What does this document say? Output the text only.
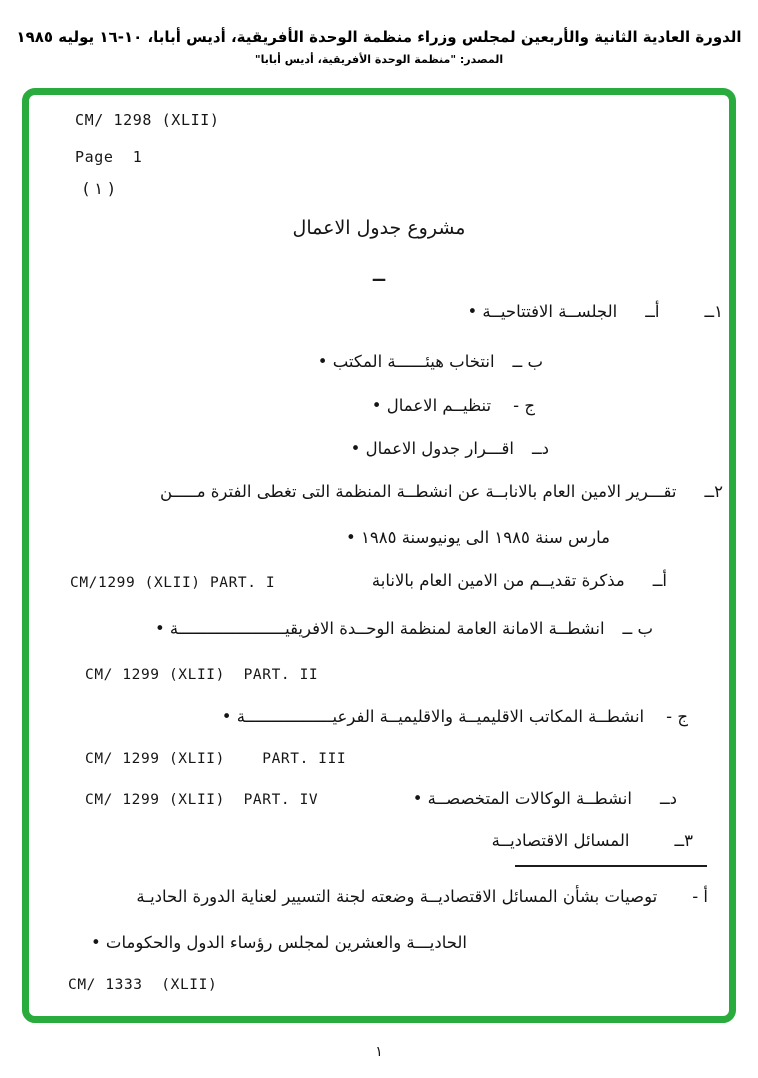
الدورة العادية الثانية والأربعين لمجلس وزراء منظمة الوحدة الأفريقية، أديس أبابا، ١٠-١٦ يوليه ١٩٨٥
المصدر: "منظمة الوحدة الأفريقية، أديس أبابا"
CM/ 1298 (XLII)
Page  1
( ١ )
مشروع جدول الاعمال
ــ
١ــأــالجلســة الافتتاحيــة •
ب ــانتخاب هيئــــــة المكتب •
ج -تنظيــم الاعمال •
دــاقـــرار جدول الاعمال •
٢ــتقـــرير الامين العام بالانابــة عن انشطــة المنظمة التى تغطى الفترة مـــــن
مارس سنة ١٩٨٥ الى يونيوسنة ١٩٨٥ •
أــمذكرة تقديــم من الامين العام بالانابة
CM/1299 (XLII) PART. I
ب ــانشطــة الامانة العامة لمنظمة الوحــدة الافريقيــــــــــــــــــــــة •
CM/ 1299 (XLII)  PART. II
ج -انشطــة المكاتب الاقليميــة والاقليميــة الفرعيــــــــــــــــــة •
CM/ 1299 (XLII)    PART. III
دــانشطــة الوكالات المتخصصــة •
CM/ 1299 (XLII)  PART. IV
٣ــالمسائل الاقتصاديــة
أ -توصيات بشأن المسائل الاقتصاديــة وضعته لجنة التسيير لعناية الدورة الحاديـة
الحاديـــة والعشرين لمجلس رؤساء الدول والحكومات •
CM/ 1333  (XLII)
١
